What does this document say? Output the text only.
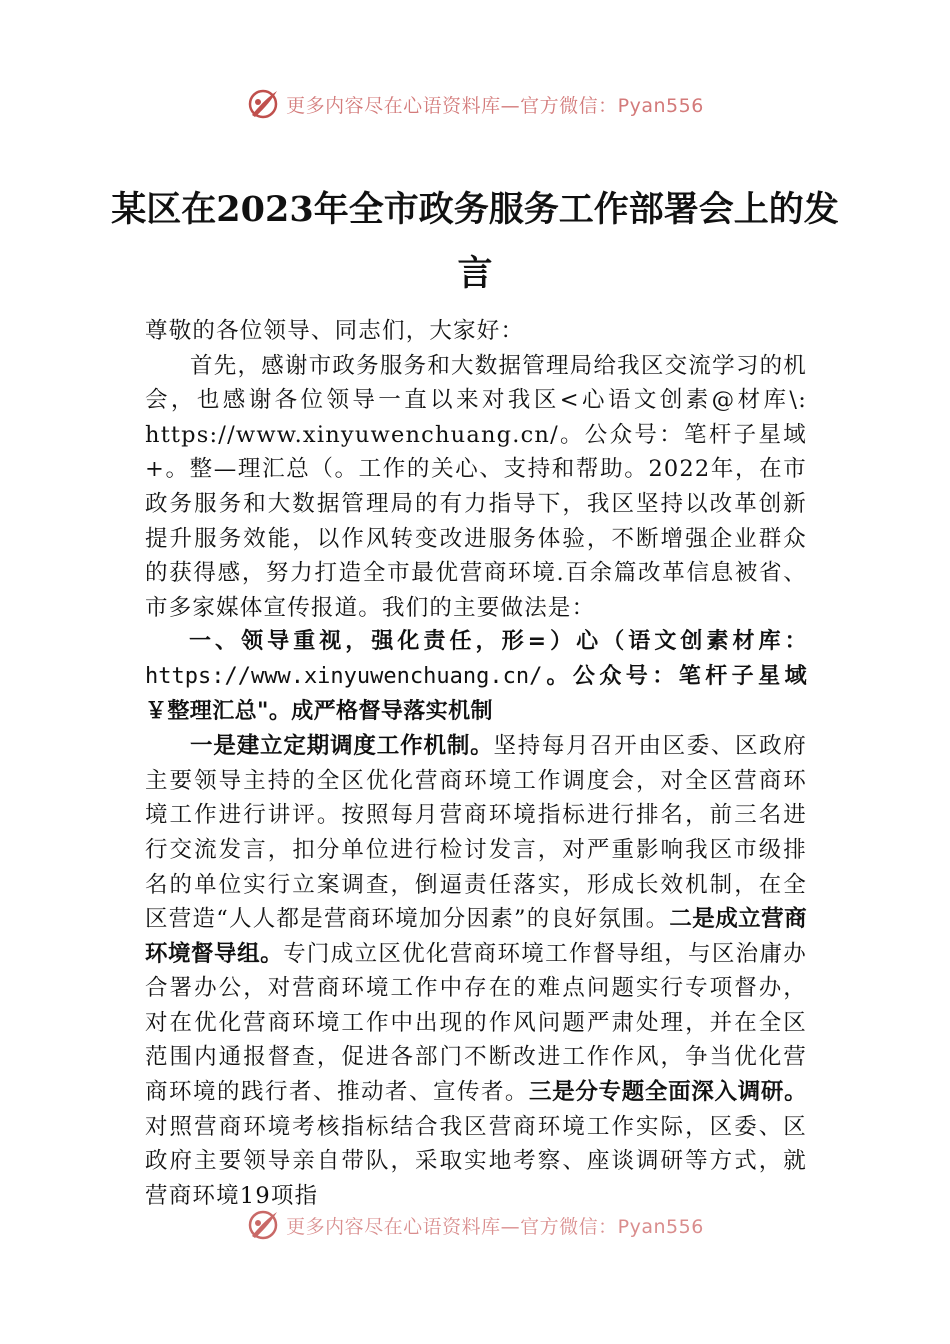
更多内容尽在心语资料库—官方微信：Pyan556
某区在2023年全市政务服务工作部署会上的发言

尊敬的各位领导、同志们，大家好：

首先，感谢市政务服务和大数据管理局给我区交流学习的机会，也感谢各位领导一直以来对我区<心语文创素@材库\: https://www.xinyuwenchuang.cn/。公众号：笔杆子星域+。整—理汇总（。工作的关心、支持和帮助。2022年，在市政务服务和大数据管理局的有力指导下，我区坚持以改革创新提升服务效能，以作风转变改进服务体验，不断增强企业群众的获得感，努力打造全市最优营商环境.百余篇改革信息被省、市多家媒体宣传报道。我们的主要做法是：

一、领导重视，强化责任，形=）心（语文创素材库：https://www.xinyuwenchuang.cn/。公众号：笔杆子星域￥整理汇总"。成严格督导落实机制

一是建立定期调度工作机制。坚持每月召开由区委、区政府主要领导主持的全区优化营商环境工作调度会，对全区营商环境工作进行讲评。按照每月营商环境指标进行排名，前三名进行交流发言，扣分单位进行检讨发言，对严重影响我区市级排名的单位实行立案调查，倒逼责任落实，形成长效机制，在全区营造“人人都是营商环境加分因素”的良好氛围。二是成立营商环境督导组。专门成立区优化营商环境工作督导组，与区治庸办合署办公，对营商环境工作中存在的难点问题实行专项督办，对在优化营商环境工作中出现的作风问题严肃处理，并在全区范围内通报督查，促进各部门不断改进工作作风，争当优化营商环境的践行者、推动者、宣传者。三是分专题全面深入调研。对照营商环境考核指标结合我区营商环境工作实际，区委、区政府主要领导亲自带队，采取实地考察、座谈调研等方式，就营商环境19项指

更多内容尽在心语资料库—官方微信：Pyan556
